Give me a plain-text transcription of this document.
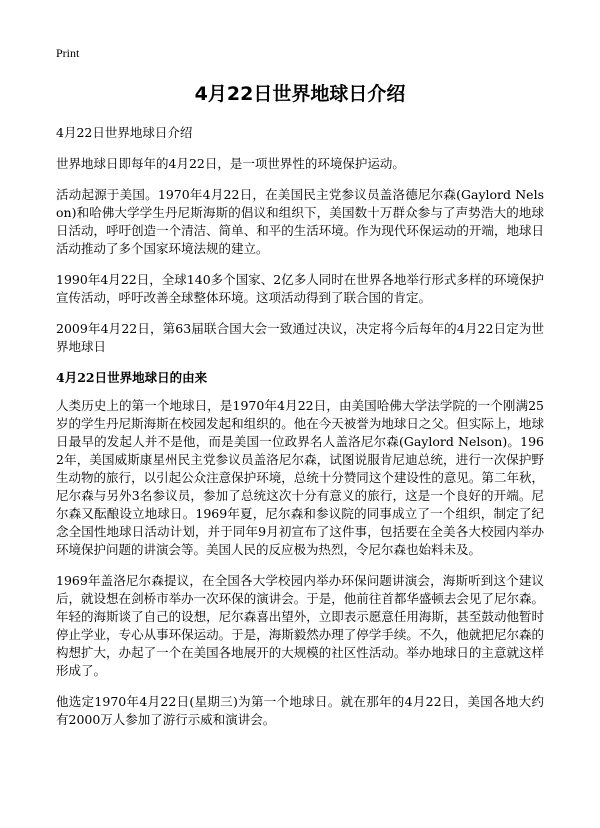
Print
4月22日世界地球日介绍

4月22日世界地球日介绍

世界地球日即每年的4月22日，是一项世界性的环境保护运动。

活动起源于美国。1970年4月22日，在美国民主党参议员盖洛德尼尔森(Gaylord Nelson)和哈佛大学学生丹尼斯海斯的倡议和组织下，美国数十万群众参与了声势浩大的地球日活动，呼吁创造一个清洁、简单、和平的生活环境。作为现代环保运动的开端，地球日活动推动了多个国家环境法规的建立。

1990年4月22日，全球140多个国家、2亿多人同时在世界各地举行形式多样的环境保护宣传活动，呼吁改善全球整体环境。这项活动得到了联合国的肯定。

2009年4月22日，第63届联合国大会一致通过决议，决定将今后每年的4月22日定为世界地球日

4月22日世界地球日的由来

人类历史上的第一个地球日，是1970年4月22日，由美国哈佛大学法学院的一个刚满25岁的学生丹尼斯海斯在校园发起和组织的。他在今天被誉为地球日之父。但实际上，地球日最早的发起人并不是他，而是美国一位政界名人盖洛尼尔森(Gaylord Nelson)。1962年，美国威斯康星州民主党参议员盖洛尼尔森，试图说服肯尼迪总统，进行一次保护野生动物的旅行，以引起公众注意保护环境，总统十分赞同这个建设性的意见。第二年秋，尼尔森与另外3名参议员，参加了总统这次十分有意义的旅行，这是一个良好的开端。尼尔森又酝酿设立地球日。1969年夏，尼尔森和参议院的同事成立了一个组织，制定了纪念全国性地球日活动计划，并于同年9月初宣布了这件事，包括要在全美各大校园内举办环境保护问题的讲演会等。美国人民的反应极为热烈，令尼尔森也始料未及。

1969年盖洛尼尔森提议，在全国各大学校园内举办环保问题讲演会，海斯听到这个建议后，就设想在剑桥市举办一次环保的演讲会。于是，他前往首都华盛顿去会见了尼尔森。年轻的海斯谈了自己的设想，尼尔森喜出望外，立即表示愿意任用海斯，甚至鼓动他暂时停止学业，专心从事环保运动。于是，海斯毅然办理了停学手续。不久，他就把尼尔森的构想扩大，办起了一个在美国各地展开的大规模的社区性活动。举办地球日的主意就这样形成了。

他选定1970年4月22日(星期三)为第一个地球日。就在那年的4月22日，美国各地大约有2000万人参加了游行示威和演讲会。
